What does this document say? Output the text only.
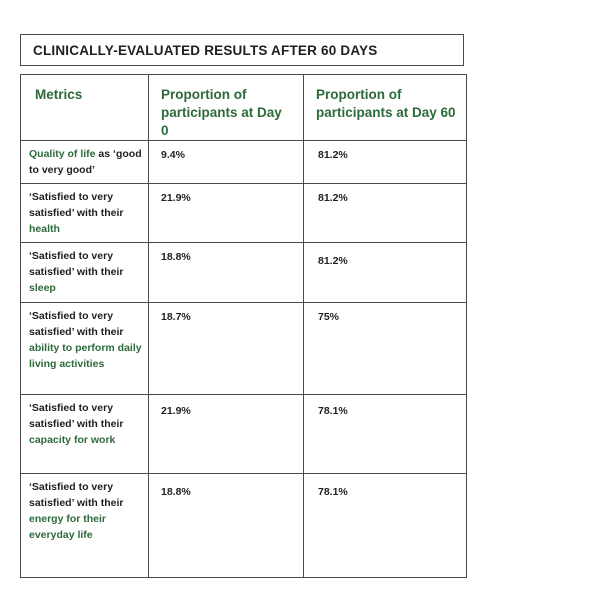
CLINICALLY-EVALUATED RESULTS AFTER 60 DAYS
Metrics	Proportion of participants at Day 0	Proportion of participants at Day 60
Quality of life as ‘good to very good’	9.4%	81.2%
‘Satisfied to very satisfied’ with their health	21.9%	81.2%
‘Satisfied to very satisfied’ with their sleep	18.8%	81.2%
‘Satisfied to very satisfied’ with their ability to perform daily living activities	18.7%	75%
‘Satisfied to very satisfied’ with their capacity for work	21.9%	78.1%
‘Satisfied to very satisfied’ with their energy for their everyday life	18.8%	78.1%
